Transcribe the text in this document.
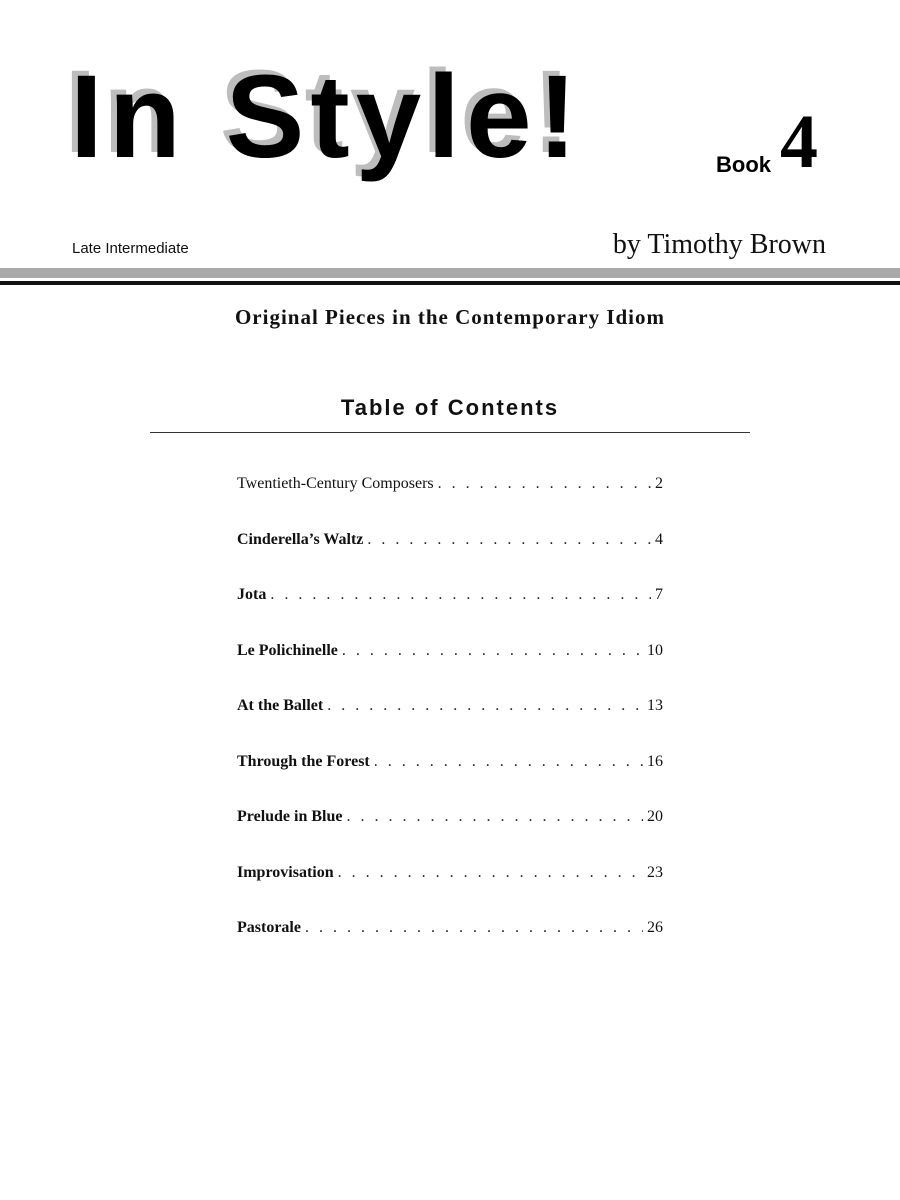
In Style!	Book 4
Late Intermediate	by Timothy Brown
Original Pieces in the Contemporary Idiom
Table of Contents
Twentieth-Century Composers . . .	2
Cinderella’s Waltz . . .	4
Jota . . .	7
Le Polichinelle . . .	10
At the Ballet . . .	13
Through the Forest . . .	16
Prelude in Blue . . .	20
Improvisation . . .	23
Pastorale . . .	26
